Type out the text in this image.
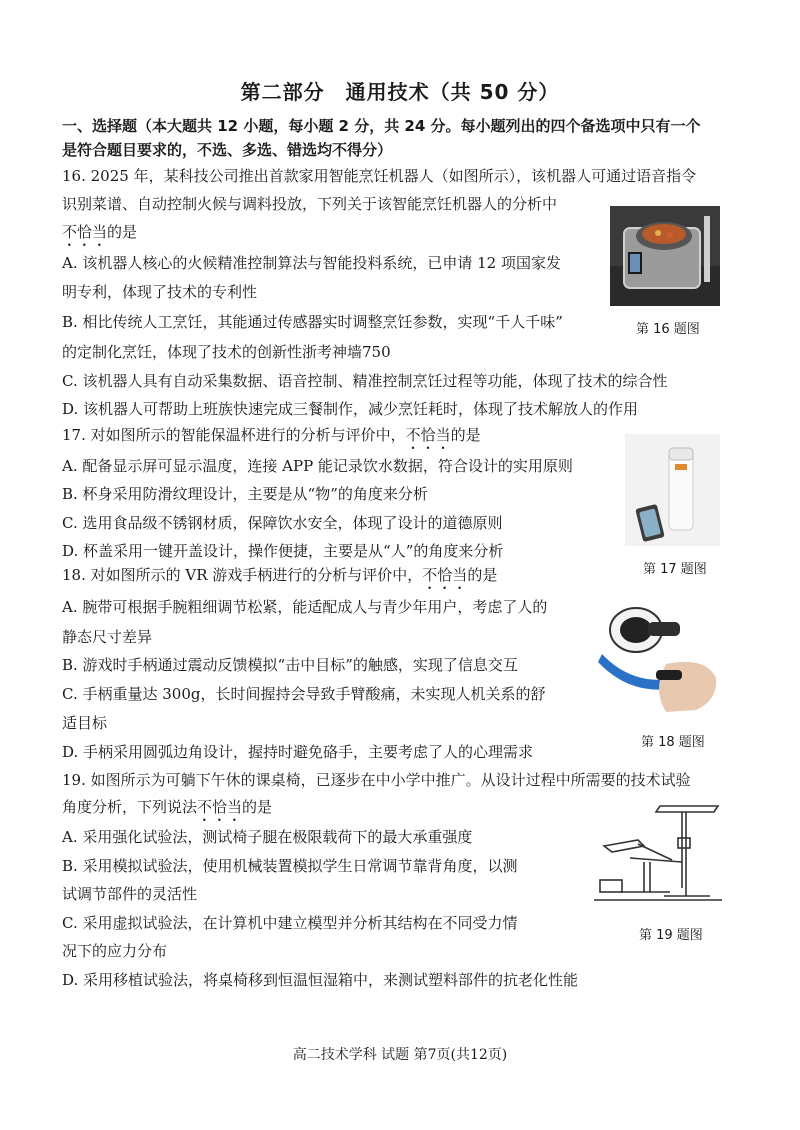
第二部分　通用技术（共 50 分）
一、选择题（本大题共 12 小题，每小题 2 分，共 24 分。每小题列出的四个备选项中只有一个
是符合题目要求的，不选、多选、错选均不得分）
16. 2025 年，某科技公司推出首款家用智能烹饪机器人（如图所示），该机器人可通过语音指令
识别菜谱、自动控制火候与调料投放，下列关于该智能烹饪机器人的分析中
不恰当的是
A. 该机器人核心的火候精准控制算法与智能投料系统，已申请 12 项国家发
明专利，体现了技术的专利性
B. 相比传统人工烹饪，其能通过传感器实时调整烹饪参数，实现“千人千味”
的定制化烹饪，体现了技术的创新性浙考神墙750
C. 该机器人具有自动采集数据、语音控制、精准控制烹饪过程等功能，体现了技术的综合性
D. 该机器人可帮助上班族快速完成三餐制作，减少烹饪耗时，体现了技术解放人的作用
第 16 题图
17. 对如图所示的智能保温杯进行的分析与评价中，不恰当的是
A. 配备显示屏可显示温度，连接 APP 能记录饮水数据，符合设计的实用原则
B. 杯身采用防滑纹理设计，主要是从“物”的角度来分析
C. 选用食品级不锈钢材质，保障饮水安全，体现了设计的道德原则
D. 杯盖采用一键开盖设计，操作便捷，主要是从“人”的角度来分析
第 17 题图
18. 对如图所示的 VR 游戏手柄进行的分析与评价中，不恰当的是
A. 腕带可根据手腕粗细调节松紧，能适配成人与青少年用户，考虑了人的
静态尺寸差异
B. 游戏时手柄通过震动反馈模拟“击中目标”的触感，实现了信息交互
C. 手柄重量达 300g，长时间握持会导致手臂酸痛，未实现人机关系的舒
适目标
D. 手柄采用圆弧边角设计，握持时避免硌手，主要考虑了人的心理需求
第 18 题图
19. 如图所示为可躺下午休的课桌椅，已逐步在中小学中推广。从设计过程中所需要的技术试验
角度分析，下列说法不恰当的是
A. 采用强化试验法，测试椅子腿在极限载荷下的最大承重强度
B. 采用模拟试验法，使用机械装置模拟学生日常调节靠背角度，以测
试调节部件的灵活性
C. 采用虚拟试验法，在计算机中建立模型并分析其结构在不同受力情
况下的应力分布
D. 采用移植试验法，将桌椅移到恒温恒湿箱中，来测试塑料部件的抗老化性能
第 19 题图
高二技术学科 试题 第7页(共12页)
